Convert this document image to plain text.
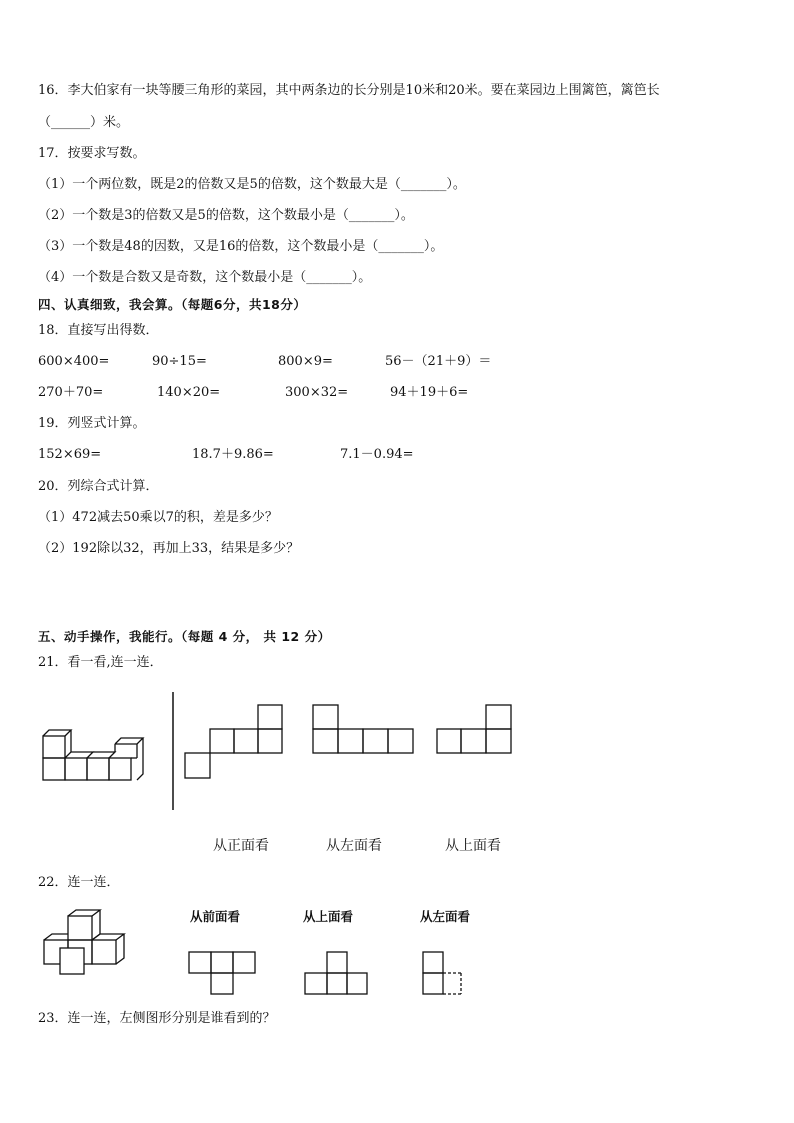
16．李大伯家有一块等腰三角形的菜园，其中两条边的长分别是10米和20米。要在菜园边上围篱笆，篱笆长
（______）米。
17．按要求写数。
（1）一个两位数，既是2的倍数又是5的倍数，这个数最大是（_______）。
（2）一个数是3的倍数又是5的倍数，这个数最小是（_______）。
（3）一个数是48的因数，又是16的倍数，这个数最小是（_______）。
（4）一个数是合数又是奇数，这个数最小是（_______）。
四、认真细致，我会算。（每题6分，共18分）
18．直接写出得数．
600×400=	90÷15=	800×9=	56－（21＋9）＝
270＋70=	140×20=	300×32=	94＋19＋6=
19．列竖式计算。
152×69=	18.7＋9.86=	7.1－0.94=
20．列综合式计算．
（1）472减去50乘以7的积，差是多少？
（2）192除以32，再加上33，结果是多少？
五、动手操作，我能行。（每题 4 分， 共 12 分）
21．看一看,连一连．
从正面看	从左面看	从上面看
22．连一连．
从前面看	从上面看	从左面看
23．连一连，左侧图形分别是谁看到的？
